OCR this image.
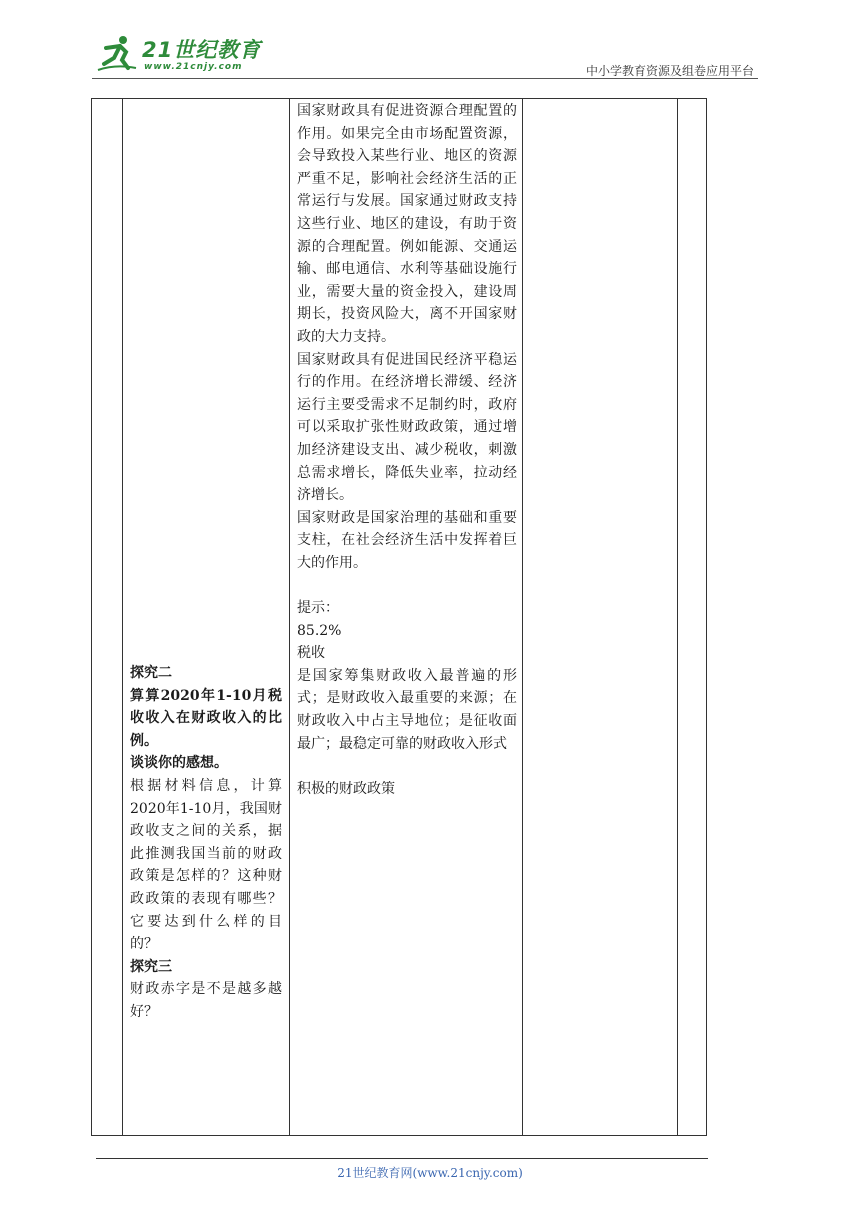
21世纪教育
www.21cnjy.com	中小学教育资源及组卷应用平台

国家财政具有促进资源合理配置的作用。如果完全由市场配置资源，会导致投入某些行业、地区的资源严重不足，影响社会经济生活的正常运行与发展。国家通过财政支持这些行业、地区的建设，有助于资源的合理配置。例如能源、交通运输、邮电通信、水利等基础设施行业，需要大量的资金投入，建设周期长，投资风险大，离不开国家财政的大力支持。

国家财政具有促进国民经济平稳运行的作用。在经济增长滞缓、经济运行主要受需求不足制约时，政府可以采取扩张性财政政策，通过增加经济建设支出、减少税收，刺激总需求增长，降低失业率，拉动经济增长。

国家财政是国家治理的基础和重要支柱，在社会经济生活中发挥着巨大的作用。

提示：

85.2%

税收

是国家筹集财政收入最普遍的形式；是财政收入最重要的来源；在财政收入中占主导地位；是征收面最广；最稳定可靠的财政收入形式

积极的财政政策

探究二

算算2020年1-10月税收收入在财政收入的比例。

谈谈你的感想。

根据材料信息，计算2020年1-10月，我国财政收支之间的关系，据此推测我国当前的财政政策是怎样的？这种财政政策的表现有哪些？它要达到什么样的目的？

探究三

财政赤字是不是越多越好？

21世纪教育网(www.21cnjy.com)
